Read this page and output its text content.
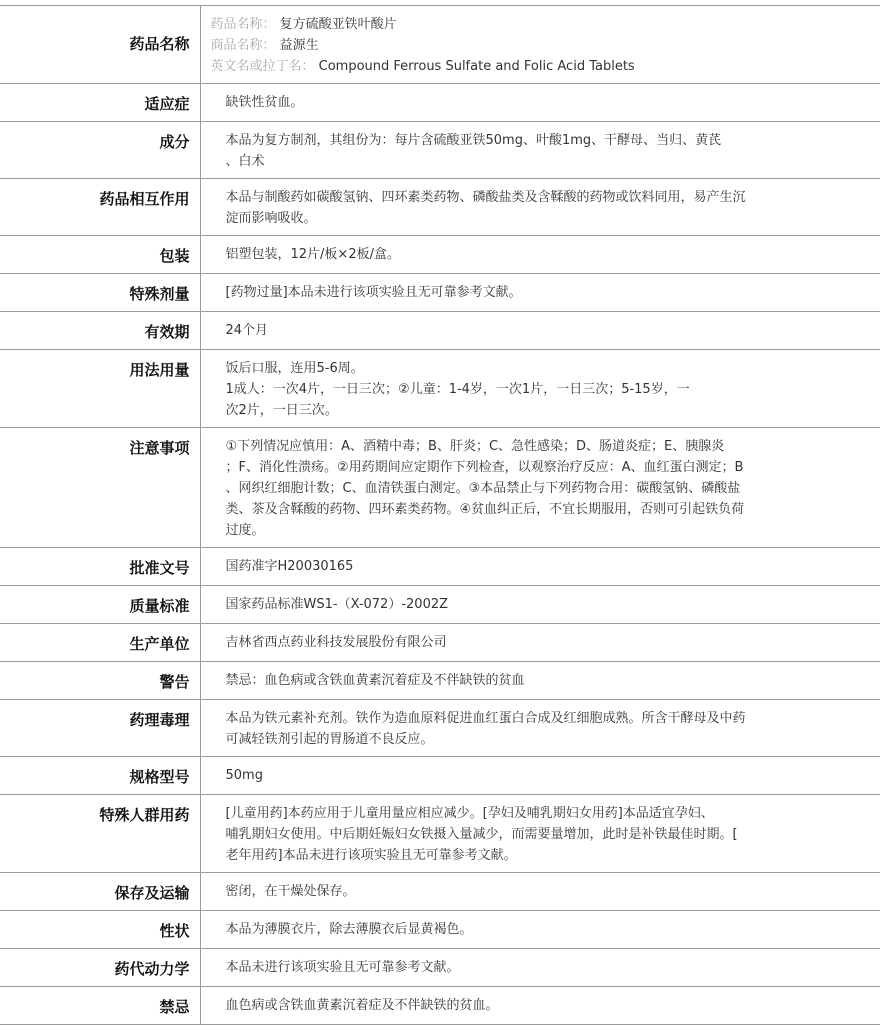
药品名称	药品名称： 复方硫酸亚铁叶酸片
商品名称： 益源生
英文名或拉丁名： Compound Ferrous Sulfate and Folic Acid Tablets

适应症	缺铁性贫血。

成分	本品为复方制剂，其组份为：每片含硫酸亚铁50mg、叶酸1mg、干酵母、当归、黄芪
、白术

药品相互作用	本品与制酸药如碳酸氢钠、四环素类药物、磷酸盐类及含鞣酸的药物或饮料同用，易产生沉
淀而影响吸收。

包装	铝塑包装，12片/板×2板/盒。

特殊剂量	[药物过量]本品未进行该项实验且无可靠参考文献。

有效期	24个月

用法用量	饭后口服，连用5-6周。
1成人：一次4片，一日三次；②儿童：1-4岁，一次1片，一日三次；5-15岁，一
次2片，一日三次。

注意事项	①下列情况应慎用：A、酒精中毒；B、肝炎；C、急性感染；D、肠道炎症；E、胰腺炎
；F、消化性溃疡。②用药期间应定期作下列检查，以观察治疗反应：A、血红蛋白测定；B
、网织红细胞计数；C、血清铁蛋白测定。③本品禁止与下列药物合用：碳酸氢钠、磷酸盐
类、茶及含鞣酸的药物、四环素类药物。④贫血纠正后，不宜长期服用，否则可引起铁负荷
过度。

批准文号	国药准字H20030165

质量标准	国家药品标准WS1-（X-072）-2002Z

生产单位	吉林省西点药业科技发展股份有限公司

警告	禁忌：血色病或含铁血黄素沉着症及不伴缺铁的贫血

药理毒理	本品为铁元素补充剂。铁作为造血原料促进血红蛋白合成及红细胞成熟。所含干酵母及中药
可减轻铁剂引起的胃肠道不良反应。

规格型号	50mg

特殊人群用药	[儿童用药]本药应用于儿童用量应相应减少。[孕妇及哺乳期妇女用药]本品适宜孕妇、
哺乳期妇女使用。中后期妊娠妇女铁摄入量减少，而需要量增加，此时是补铁最佳时期。[
老年用药]本品未进行该项实验且无可靠参考文献。

保存及运输	密闭，在干燥处保存。

性状	本品为薄膜衣片，除去薄膜衣后显黄褐色。

药代动力学	本品未进行该项实验且无可靠参考文献。

禁忌	血色病或含铁血黄素沉着症及不伴缺铁的贫血。
